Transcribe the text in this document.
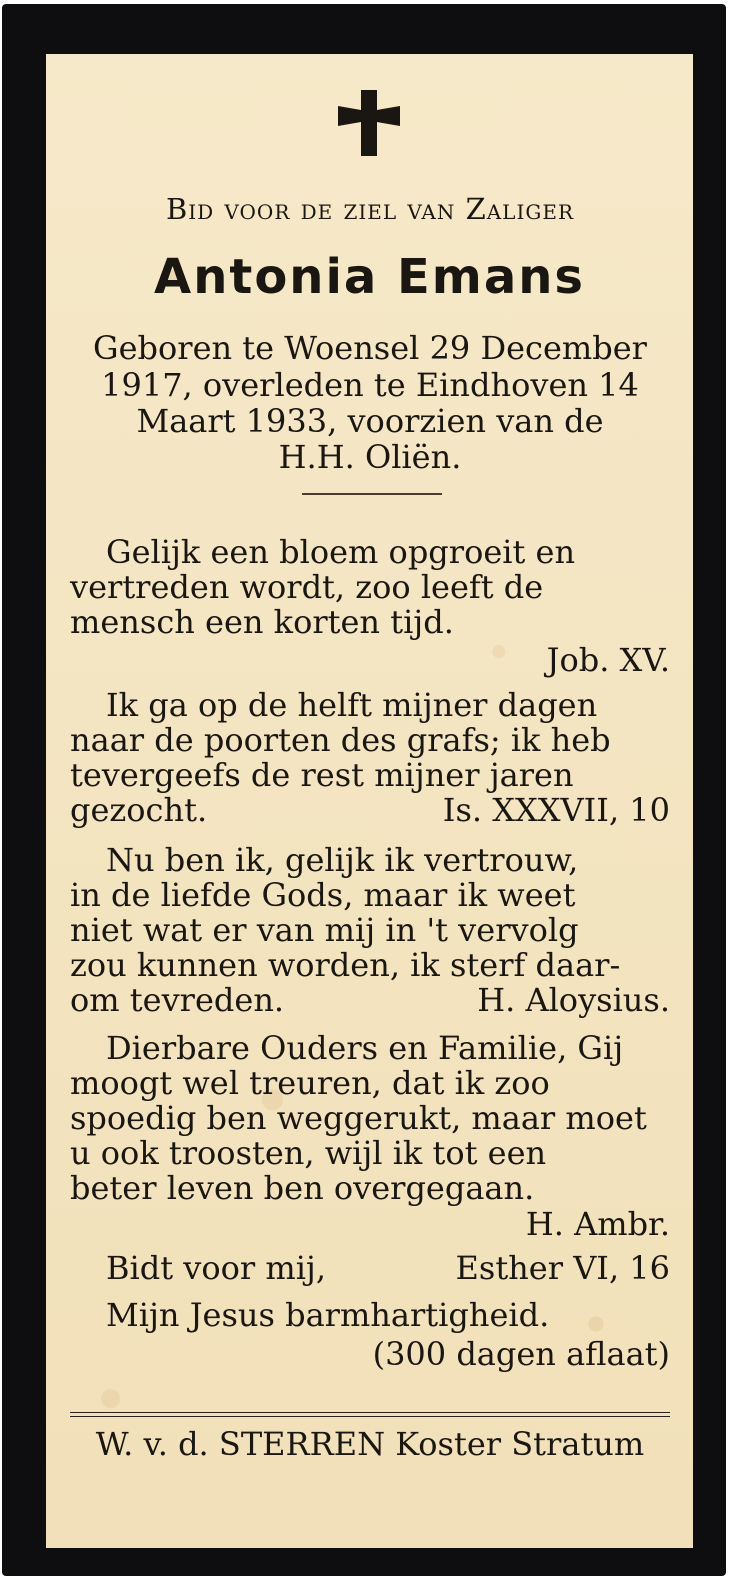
Bid voor de ziel van Zaliger
Antonia Emans
Geboren te Woensel 29 December
1917, overleden te Eindhoven 14
Maart 1933, voorzien van de
H.H. Oliën.
Gelijk een bloem opgroeit en
vertreden wordt, zoo leeft de
mensch een korten tijd.
Job. XV.
Ik ga op de helft mijner dagen
naar de poorten des grafs; ik heb
tevergeefs de rest mijner jaren
gezocht.	Is. XXXVII, 10
Nu ben ik, gelijk ik vertrouw,
in de liefde Gods, maar ik weet
niet wat er van mij in 't vervolg
zou kunnen worden, ik sterf daar-
om tevreden.	H. Aloysius.
Dierbare Ouders en Familie, Gij
moogt wel treuren, dat ik zoo
spoedig ben weggerukt, maar moet
u ook troosten, wijl ik tot een
beter leven ben overgegaan.
H. Ambr.
Bidt voor mij,	Esther VI, 16
Mijn Jesus barmhartigheid.
(300 dagen aflaat)
W. v. d. STERREN Koster Stratum
